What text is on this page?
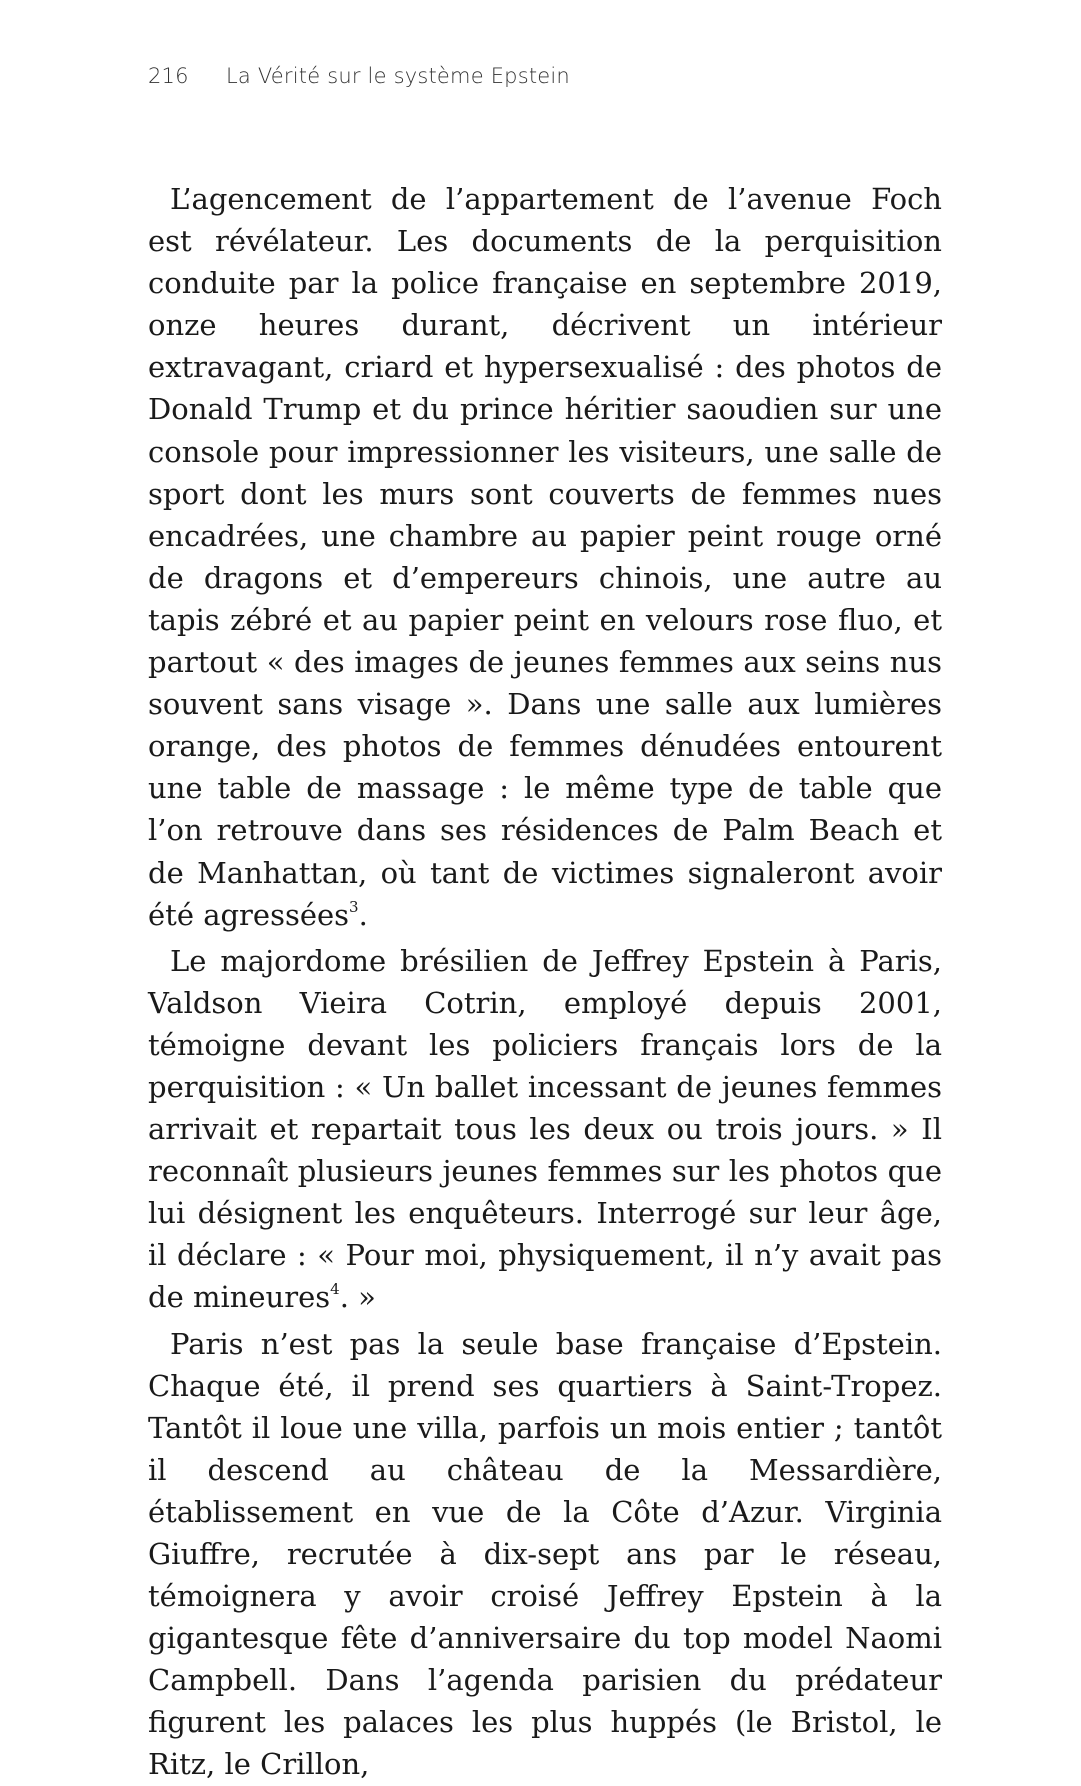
216 La Vérité sur le système Epstein

L’agencement de l’appartement de l’avenue Foch est révélateur. Les documents de la perquisition conduite par la police française en septembre 2019, onze heures durant, décrivent un intérieur extravagant, criard et hypersexualisé : des photos de Donald Trump et du prince héritier saoudien sur une console pour impressionner les visiteurs, une salle de sport dont les murs sont couverts de femmes nues encadrées, une chambre au papier peint rouge orné de dragons et d’empereurs chinois, une autre au tapis zébré et au papier peint en velours rose fluo, et partout « des images de jeunes femmes aux seins nus souvent sans visage ». Dans une salle aux lumières orange, des photos de femmes dénudées entourent une table de massage : le même type de table que l’on retrouve dans ses résidences de Palm Beach et de Manhattan, où tant de victimes signaleront avoir été agressées$^3$.

Le majordome brésilien de Jeffrey Epstein à Paris, Valdson Vieira Cotrin, employé depuis 2001, témoigne devant les policiers français lors de la perquisition : « Un ballet incessant de jeunes femmes arrivait et repartait tous les deux ou trois jours. » Il reconnaît plusieurs jeunes femmes sur les photos que lui désignent les enquêteurs. Interrogé sur leur âge, il déclare : « Pour moi, physiquement, il n’y avait pas de mineures$^4$. »

Paris n’est pas la seule base française d’Epstein. Chaque été, il prend ses quartiers à Saint-Tropez. Tantôt il loue une villa, parfois un mois entier ; tantôt il descend au château de la Messardière, établissement en vue de la Côte d’Azur. Virginia Giuffre, recrutée à dix-sept ans par le réseau, témoignera y avoir croisé Jeffrey Epstein à la gigantesque fête d’anniversaire du top model Naomi Campbell. Dans l’agenda parisien du prédateur figurent les palaces les plus huppés (le Bristol, le Ritz, le Crillon,
